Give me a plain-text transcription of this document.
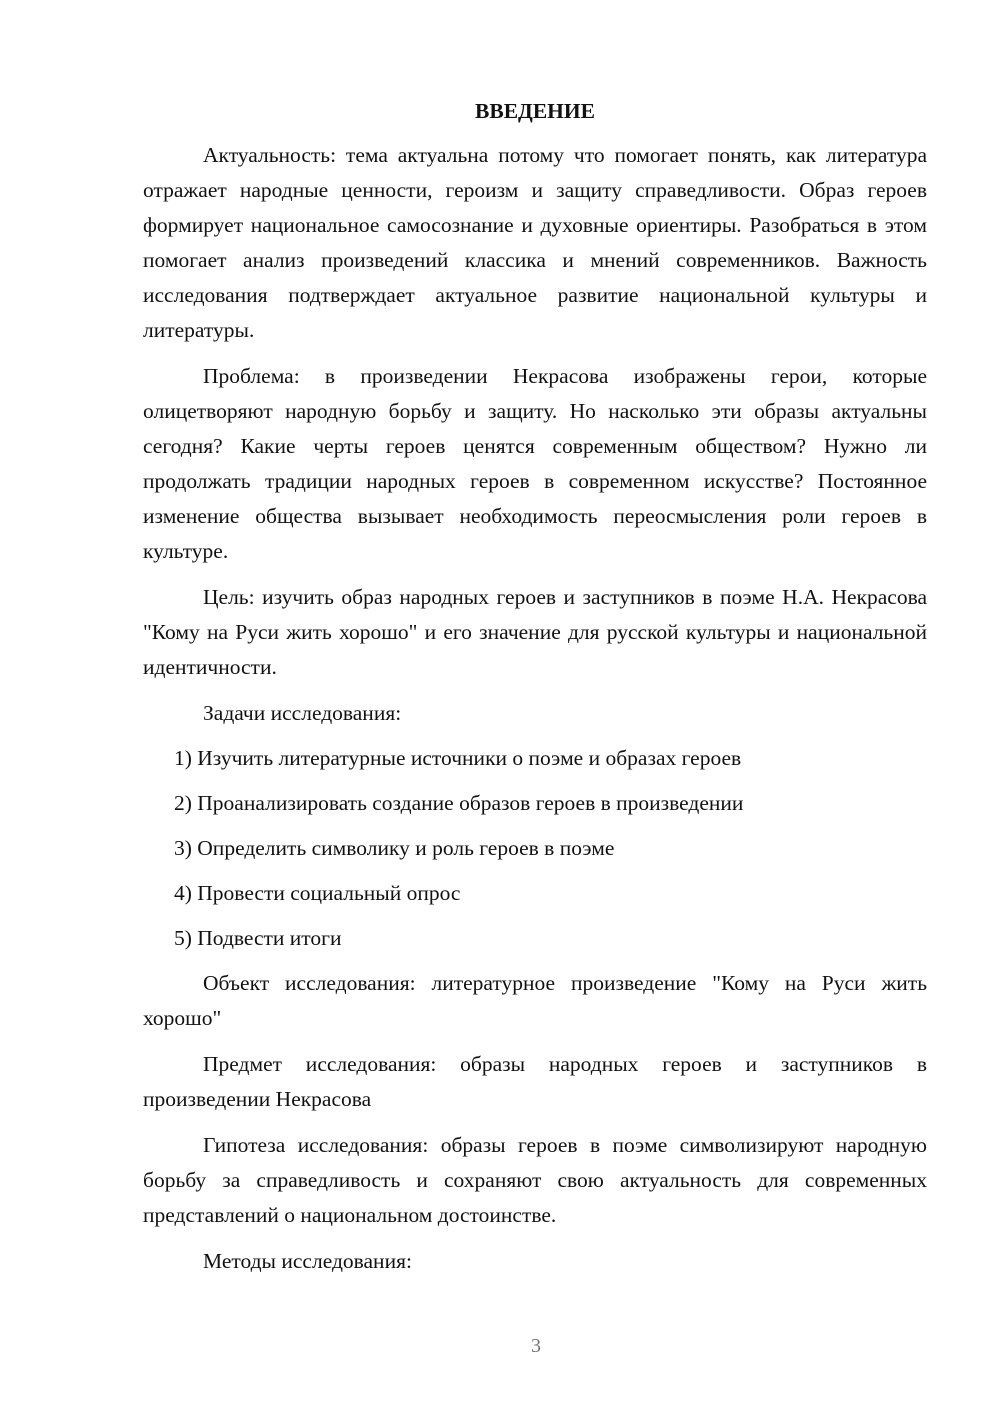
ВВЕДЕНИЕ

Актуальность: тема актуальна потому что помогает понять, как литература отражает народные ценности, героизм и защиту справедливости. Образ героев формирует национальное самосознание и духовные ориентиры. Разобраться в этом помогает анализ произведений классика и мнений современников. Важность исследования подтверждает актуальное развитие национальной культуры и литературы.

Проблема: в произведении Некрасова изображены герои, которые олицетворяют народную борьбу и защиту. Но насколько эти образы актуальны сегодня? Какие черты героев ценятся современным обществом? Нужно ли продолжать традиции народных героев в современном искусстве? Постоянное изменение общества вызывает необходимость переосмысления роли героев в культуре.

Цель: изучить образ народных героев и заступников в поэме Н.А. Некрасова "Кому на Руси жить хорошо" и его значение для русской культуры и национальной идентичности.

Задачи исследования:

1) Изучить литературные источники о поэме и образах героев
2) Проанализировать создание образов героев в произведении
3) Определить символику и роль героев в поэме
4) Провести социальный опрос
5) Подвести итоги

Объект исследования: литературное произведение "Кому на Руси жить хорошо"

Предмет исследования: образы народных героев и заступников в произведении Некрасова

Гипотеза исследования: образы героев в поэме символизируют народную борьбу за справедливость и сохраняют свою актуальность для современных представлений о национальном достоинстве.

Методы исследования:

3
